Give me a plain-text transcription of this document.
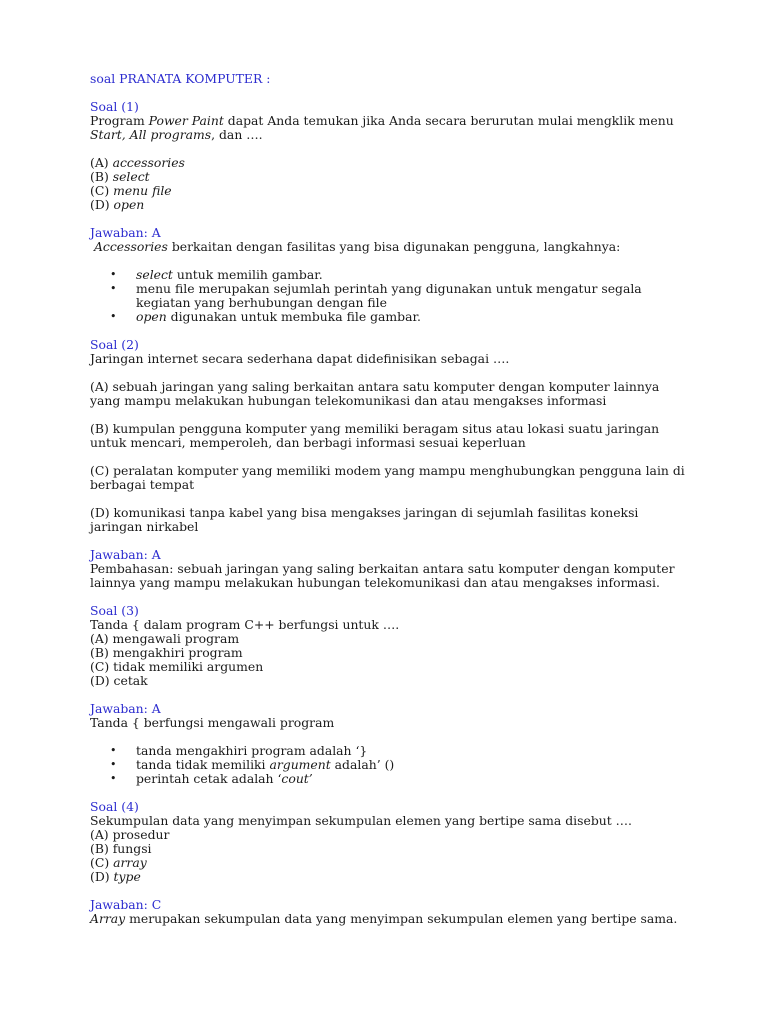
soal PRANATA KOMPUTER :

Soal (1)

Program Power Paint dapat Anda temukan jika Anda secara berurutan mulai mengklik menu Start, All programs, dan ….

(A) accessories

(B) select

(C) menu file

(D) open

Jawaban: A

Accessories berkaitan dengan fasilitas yang bisa digunakan pengguna, langkahnya:

• select untuk memilih gambar.
• menu file merupakan sejumlah perintah yang digunakan untuk mengatur segala kegiatan yang berhubungan dengan file
• open digunakan untuk membuka file gambar.

Soal (2)

Jaringan internet secara sederhana dapat didefinisikan sebagai ….

(A) sebuah jaringan yang saling berkaitan antara satu komputer dengan komputer lainnya yang mampu melakukan hubungan telekomunikasi dan atau mengakses informasi

(B) kumpulan pengguna komputer yang memiliki beragam situs atau lokasi suatu jaringan untuk mencari, memperoleh, dan berbagi informasi sesuai keperluan

(C) peralatan komputer yang memiliki modem yang mampu menghubungkan pengguna lain di berbagai tempat

(D) komunikasi tanpa kabel yang bisa mengakses jaringan di sejumlah fasilitas koneksi jaringan nirkabel

Jawaban: A

Pembahasan: sebuah jaringan yang saling berkaitan antara satu komputer dengan komputer lainnya yang mampu melakukan hubungan telekomunikasi dan atau mengakses informasi.

Soal (3)

Tanda { dalam program C++ berfungsi untuk ….

(A) mengawali program

(B) mengakhiri program

(C) tidak memiliki argumen

(D) cetak

Jawaban: A

Tanda { berfungsi mengawali program

• tanda mengakhiri program adalah ‘}
• tanda tidak memiliki argument adalah’ ()
• perintah cetak adalah ‘cout’

Soal (4)

Sekumpulan data yang menyimpan sekumpulan elemen yang bertipe sama disebut ….

(A) prosedur

(B) fungsi

(C) array

(D) type

Jawaban: C

Array merupakan sekumpulan data yang menyimpan sekumpulan elemen yang bertipe sama.
